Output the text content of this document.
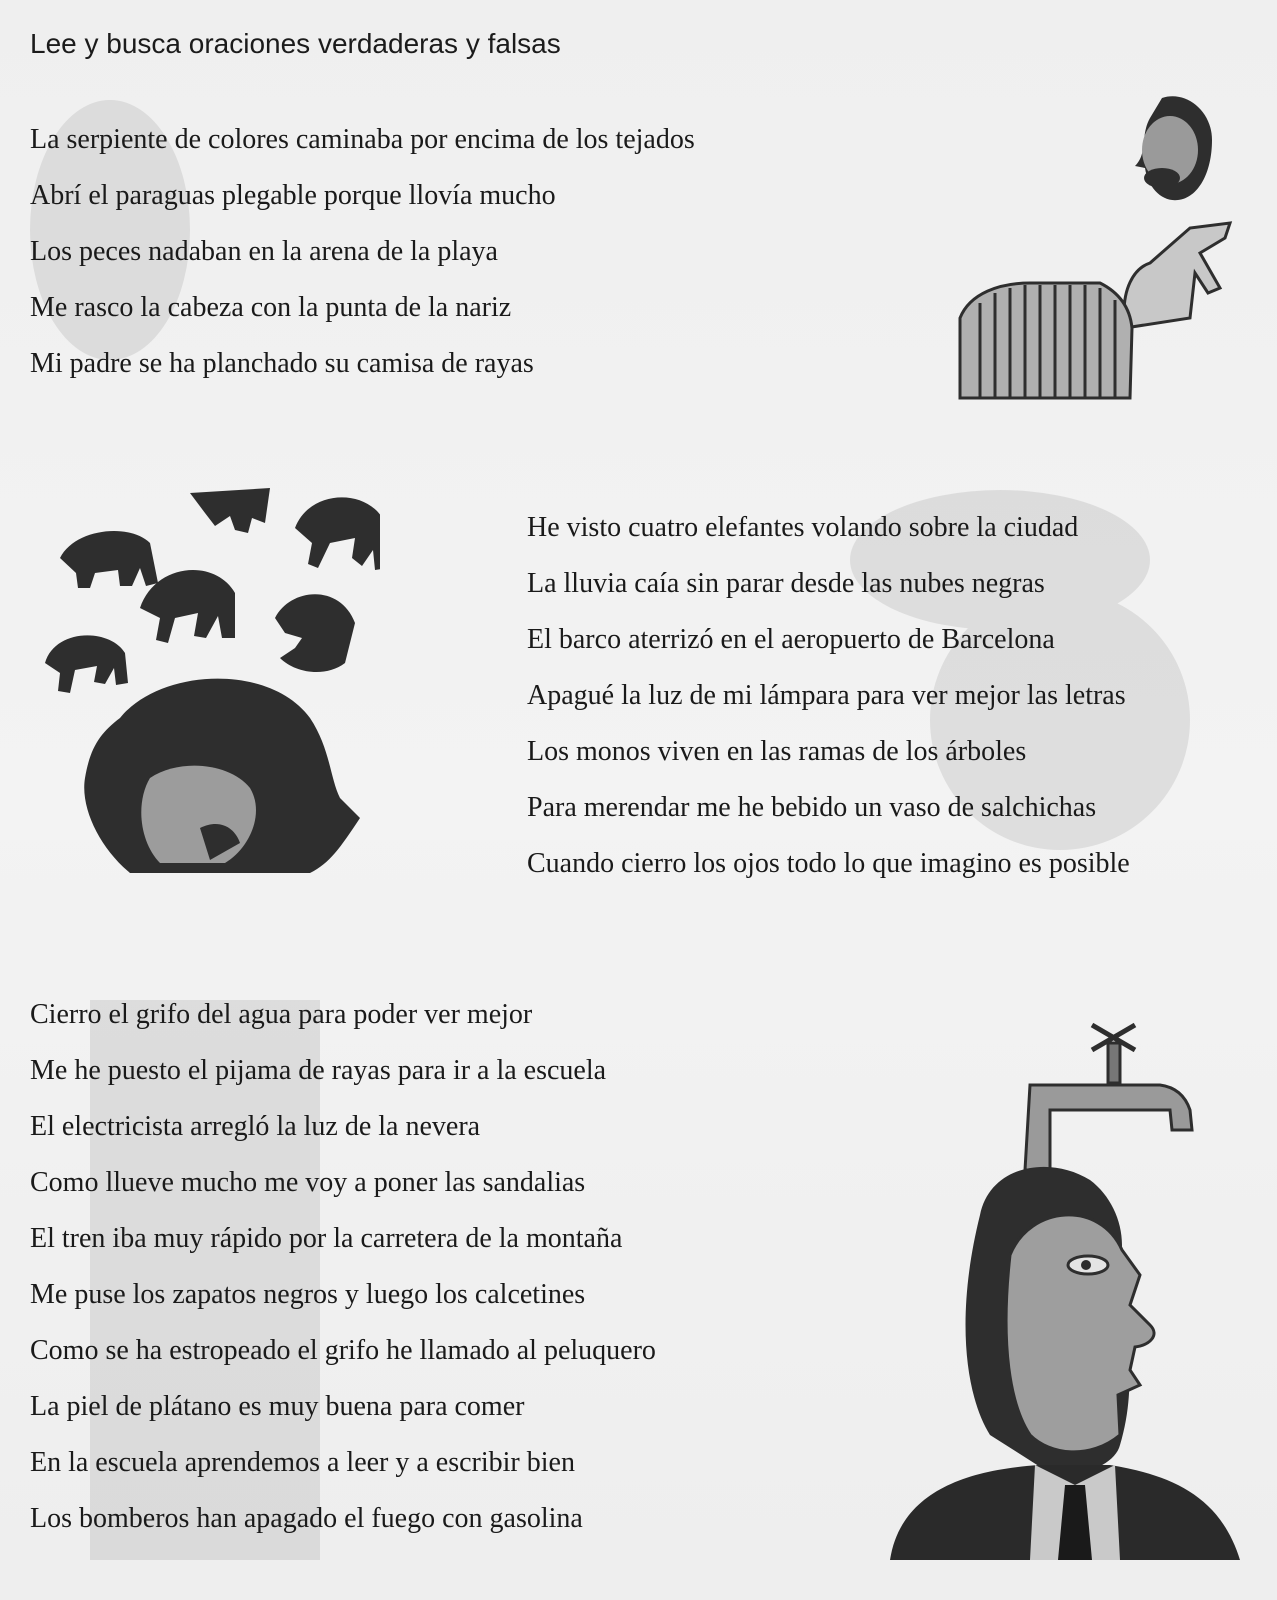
Lee y busca oraciones verdaderas y falsas
La serpiente de colores caminaba por encima de los tejados
Abrí el paraguas plegable porque llovía mucho
Los peces nadaban en la arena de la playa
Me rasco la cabeza con la punta de la nariz
Mi padre se ha planchado su camisa de rayas
He visto cuatro elefantes volando sobre la ciudad
La lluvia caía sin parar desde las nubes negras
El barco aterrizó en el aeropuerto de Barcelona
Apagué la luz de mi lámpara para ver mejor las letras
Los monos viven en las ramas de los árboles
Para merendar me he bebido un vaso de salchichas
Cuando cierro los ojos todo lo que imagino es posible
Cierro el grifo del agua para poder ver mejor
Me he puesto el pijama de rayas para ir a la escuela
El electricista arregló la luz de la nevera
Como llueve mucho me voy a poner las sandalias
El tren iba muy rápido por la carretera de la montaña
Me puse los zapatos negros y luego los calcetines
Como se ha estropeado el grifo he llamado al peluquero
La piel de plátano es muy buena para comer
En la escuela aprendemos a leer y a escribir bien
Los bomberos han apagado el fuego con gasolina
